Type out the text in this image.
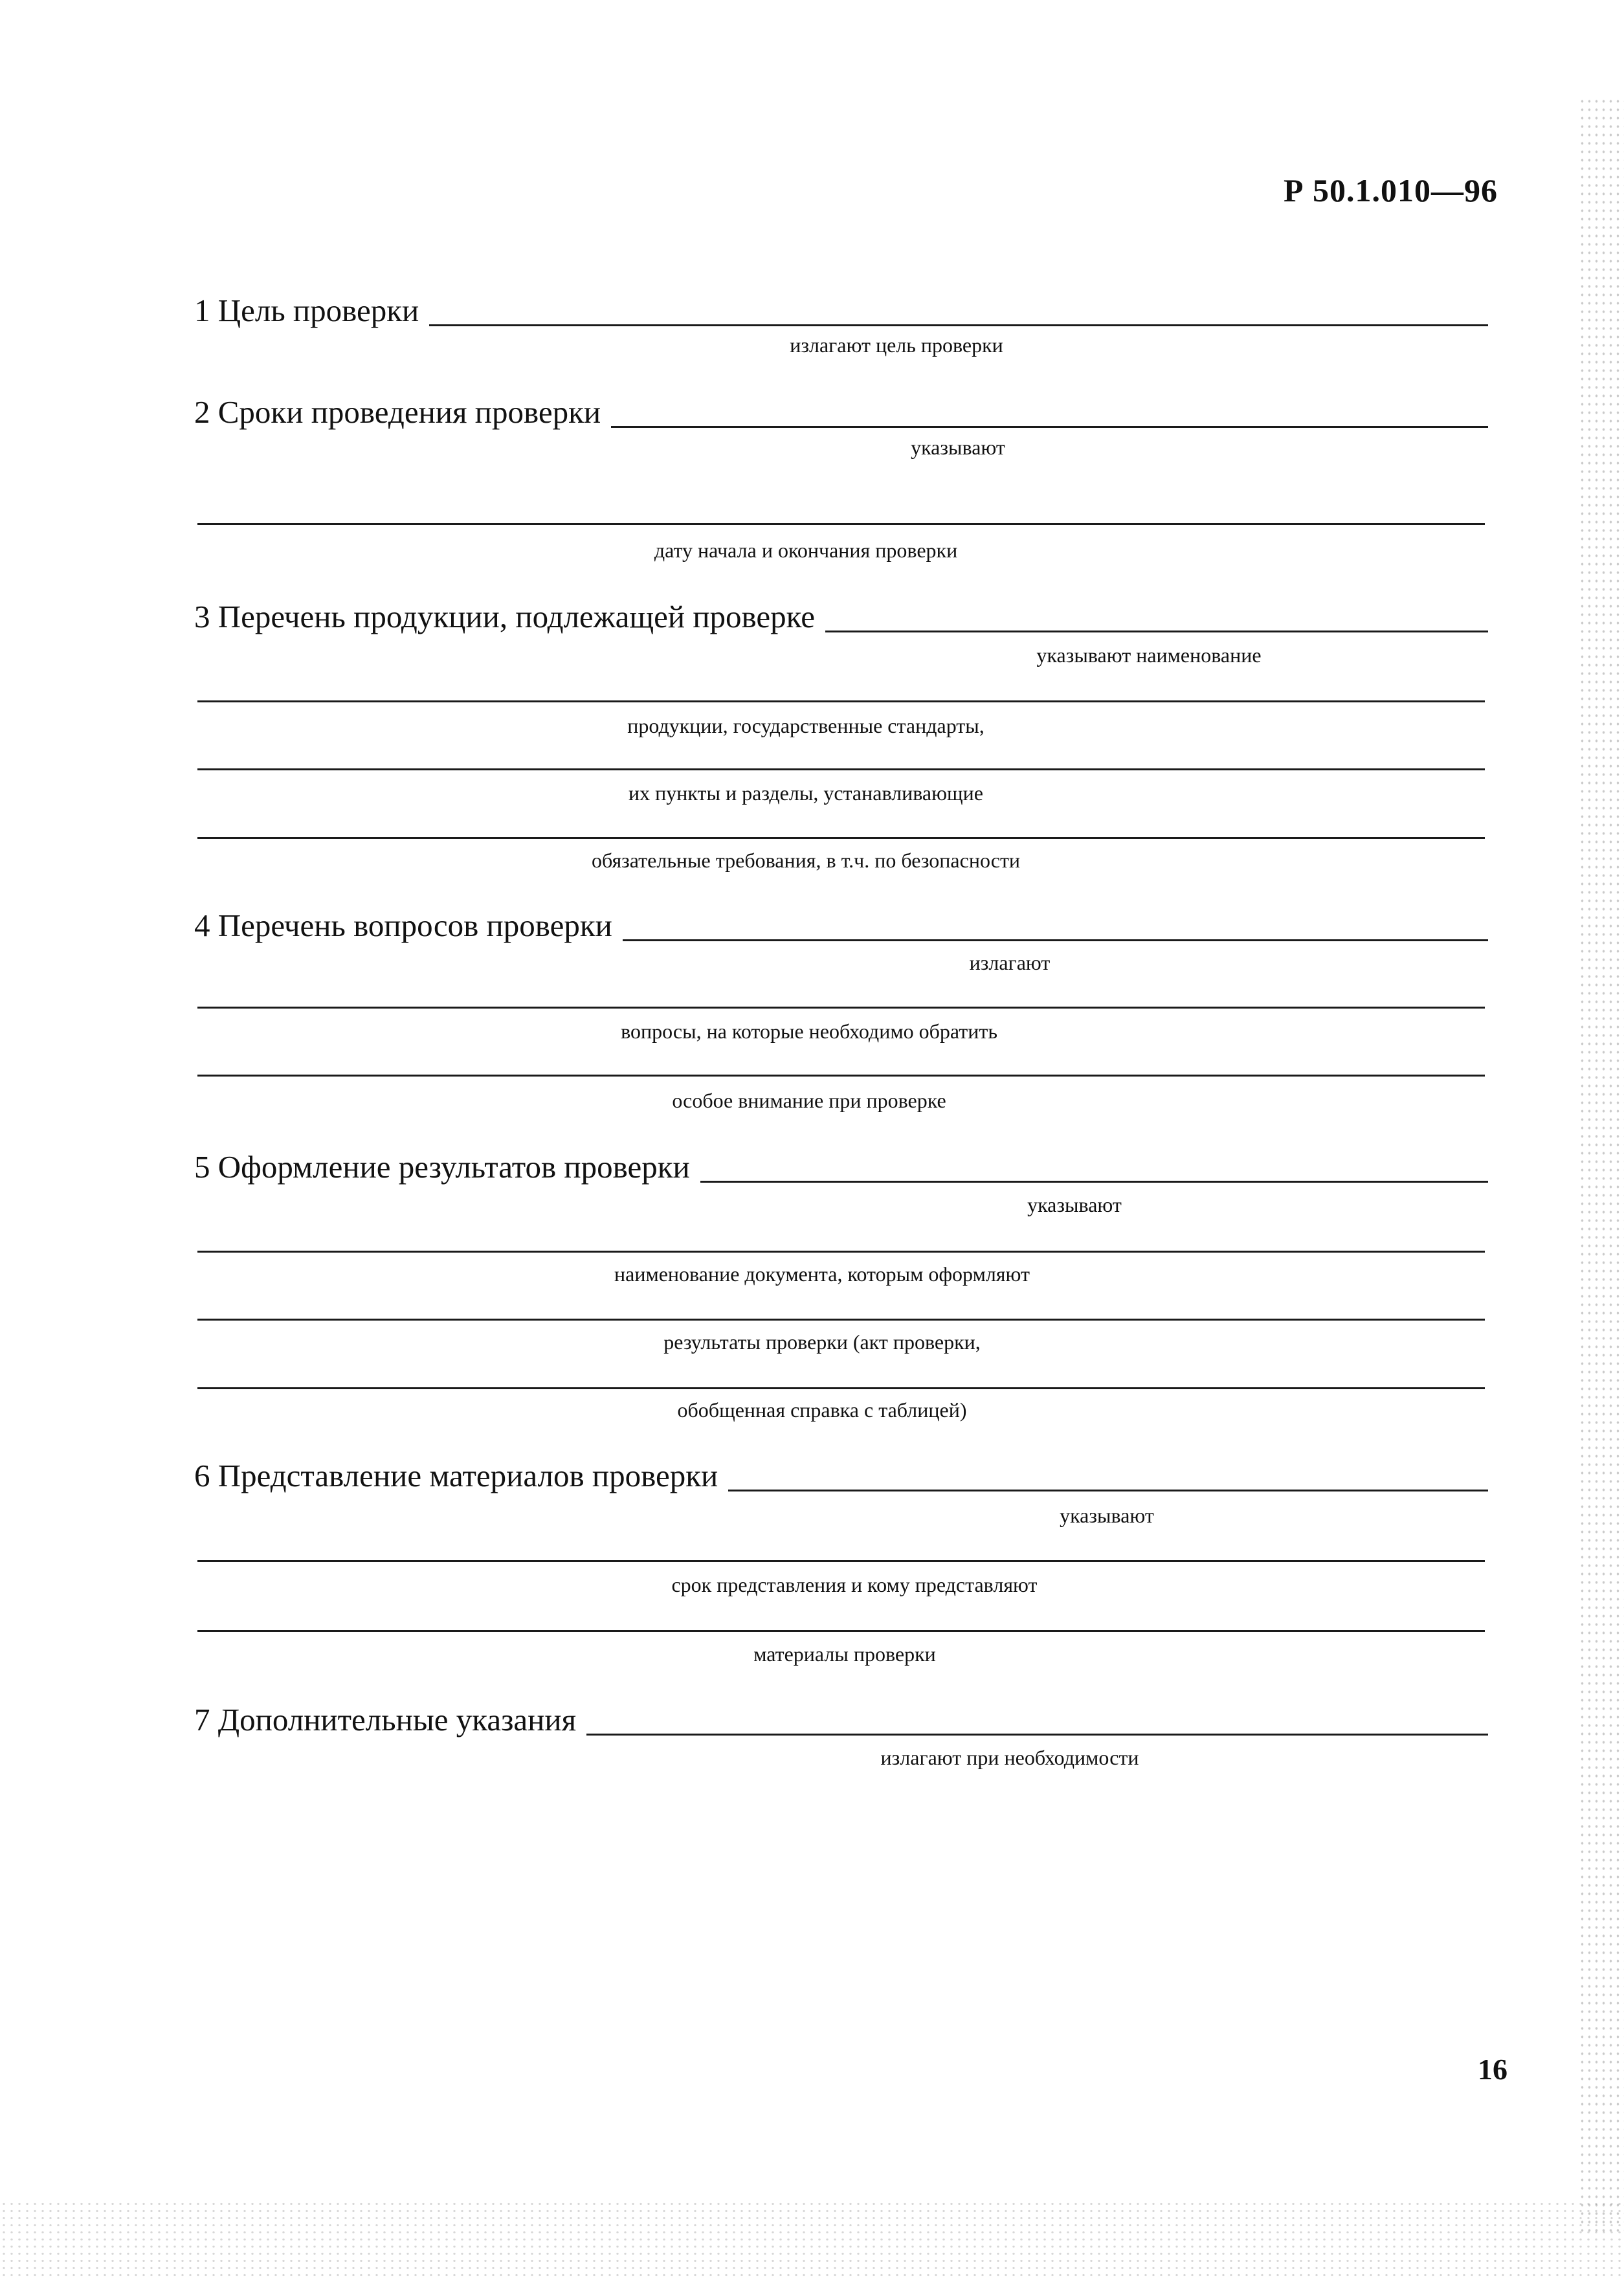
Р 50.1.010—96
1 Цель проверки
излагают цель проверки
2 Сроки проведения проверки
указывают
дату начала и окончания проверки
3 Перечень продукции, подлежащей проверке
указывают наименование
продукции, государственные стандарты,
их пункты и разделы, устанавливающие
обязательные требования, в т.ч. по безопасности
4 Перечень вопросов проверки
излагают
вопросы, на которые необходимо обратить
особое внимание при проверке
5 Оформление результатов проверки
указывают
наименование документа, которым оформляют
результаты проверки (акт проверки,
обобщенная справка с таблицей)
6 Представление материалов проверки
указывают
срок представления и кому представляют
материалы проверки
7 Дополнительные указания
излагают при необходимости
16
